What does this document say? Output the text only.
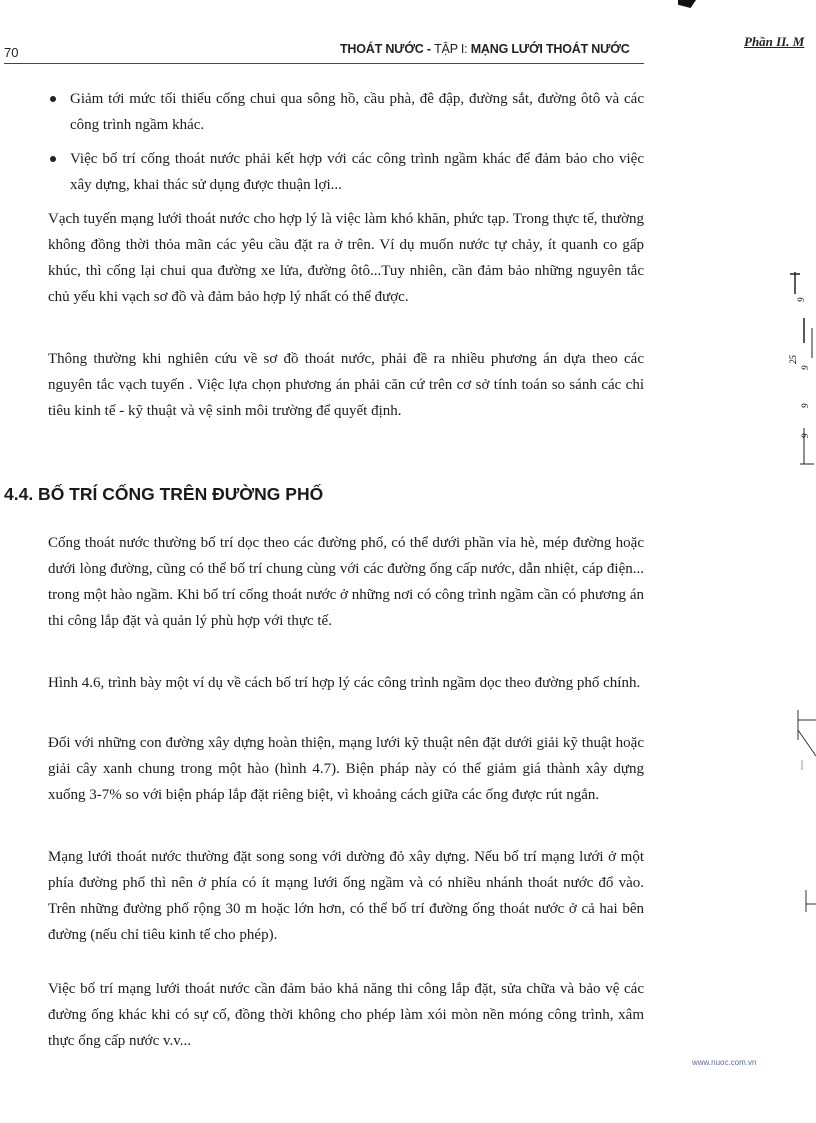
70	THOÁT NƯỚC - TẬP I: MẠNG LƯỚI THOÁT NƯỚC	Phần II. M

Giảm tới mức tối thiểu cống chui qua sông hồ, cầu phà, đê đập, đường sắt, đường ôtô và các công trình ngầm khác.

Việc bố trí cống thoát nước phải kết hợp với các công trình ngầm khác để đảm bảo cho việc xây dựng, khai thác sử dụng được thuận lợi...

Vạch tuyến mạng lưới thoát nước cho hợp lý là việc làm khó khăn, phức tạp. Trong thực tế, thường không đồng thời thỏa mãn các yêu cầu đặt ra ở trên. Ví dụ muốn nước tự chảy, ít quanh co gấp khúc, thì cống lại chui qua đường xe lửa, đường ôtô...Tuy nhiên, cần đảm bảo những nguyên tắc chủ yếu khi vạch sơ đồ và đảm bảo hợp lý nhất có thể được.

Thông thường khi nghiên cứu về sơ đồ thoát nước, phải đề ra nhiều phương án dựa theo các nguyên tắc vạch tuyến . Việc lựa chọn phương án phải căn cứ trên cơ sở tính toán so sánh các chỉ tiêu kinh tế - kỹ thuật và vệ sinh môi trường để quyết định.

4.4. BỐ TRÍ CỐNG TRÊN ĐƯỜNG PHỐ

Cống thoát nước thường bố trí dọc theo các đường phố, có thể dưới phần vỉa hè, mép đường hoặc dưới lòng đường, cũng có thể bố trí chung cùng với các đường ống cấp nước, dẫn nhiệt, cáp điện... trong một hào ngầm. Khi bố trí cống thoát nước ở những nơi có công trình ngầm cần có phương án thi công lắp đặt và quản lý phù hợp với thực tế.

Hình 4.6, trình bày một ví dụ về cách bố trí hợp lý các công trình ngầm dọc theo đường phố chính.

Đối với những con đường xây dựng hoàn thiện, mạng lưới kỹ thuật nên đặt dưới giải kỹ thuật hoặc giải cây xanh chung trong một hào (hình 4.7). Biện pháp này có thể giảm giá thành xây dựng xuống 3-7% so với biện pháp lắp đặt riêng biệt, vì khoảng cách giữa các ống được rút ngắn.

Mạng lưới thoát nước thường đặt song song với dường đỏ xây dựng. Nếu bố trí mạng lưới ở một phía đường phố thì nên ở phía có ít mạng lưới ống ngầm và có nhiều nhánh thoát nước đổ vào. Trên những đường phố rộng 30 m hoặc lớn hơn, có thể bố trí đường ống thoát nước ở cả hai bên đường (nếu chỉ tiêu kinh tế cho phép).

Việc bố trí mạng lưới thoát nước cần đảm bảo khả năng thi công lắp đặt, sửa chữa và bảo vệ các đường ống khác khi có sự cố, đồng thời không cho phép làm xói mòn nền móng công trình, xâm thực ống cấp nước v.v...

9
25
9
9
9
www.nuoc.com.vn
